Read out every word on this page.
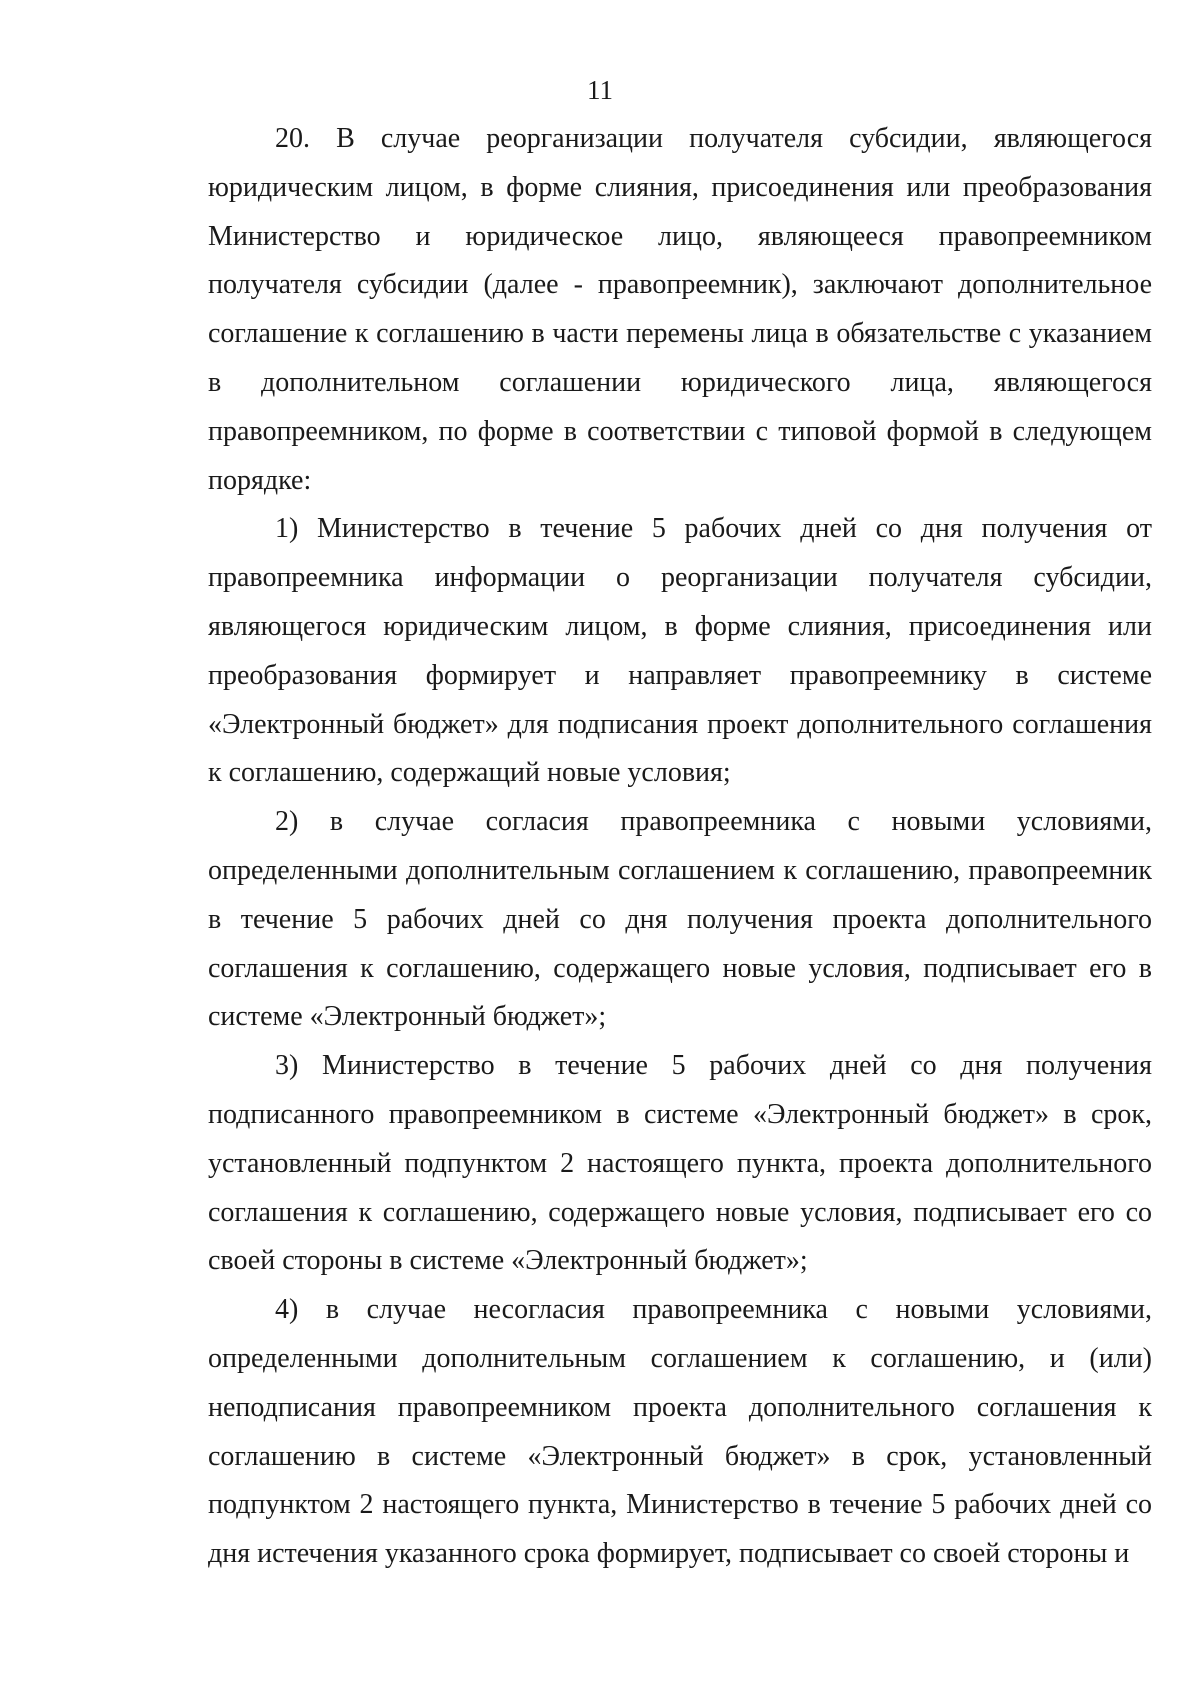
11

20. В случае реорганизации получателя субсидии, являющегося юридическим лицом, в форме слияния, присоединения или преобразования Министерство и юридическое лицо, являющееся правопреемником получателя субсидии (далее - правопреемник), заключают дополнительное соглашение к соглашению в части перемены лица в обязательстве с указанием в дополнительном соглашении юридического лица, являющегося правопреемником, по форме в соответствии с типовой формой в следующем порядке:

1) Министерство в течение 5 рабочих дней со дня получения от правопреемника информации о реорганизации получателя субсидии, являющегося юридическим лицом, в форме слияния, присоединения или преобразования формирует и направляет правопреемнику в системе «Электронный бюджет» для подписания проект дополнительного соглашения к соглашению, содержащий новые условия;

2) в случае согласия правопреемника с новыми условиями, определенными дополнительным соглашением к соглашению, правопреемник в течение 5 рабочих дней со дня получения проекта дополнительного соглашения к соглашению, содержащего новые условия, подписывает его в системе «Электронный бюджет»;

3) Министерство в течение 5 рабочих дней со дня получения подписанного правопреемником в системе «Электронный бюджет» в срок, установленный подпунктом 2 настоящего пункта, проекта дополнительного соглашения к соглашению, содержащего новые условия, подписывает его со своей стороны в системе «Электронный бюджет»;

4) в случае несогласия правопреемника с новыми условиями, определенными дополнительным соглашением к соглашению, и (или) неподписания правопреемником проекта дополнительного соглашения к соглашению в системе «Электронный бюджет» в срок, установленный подпунктом 2 настоящего пункта, Министерство в течение 5 рабочих дней со дня истечения указанного срока формирует, подписывает со своей стороны и
